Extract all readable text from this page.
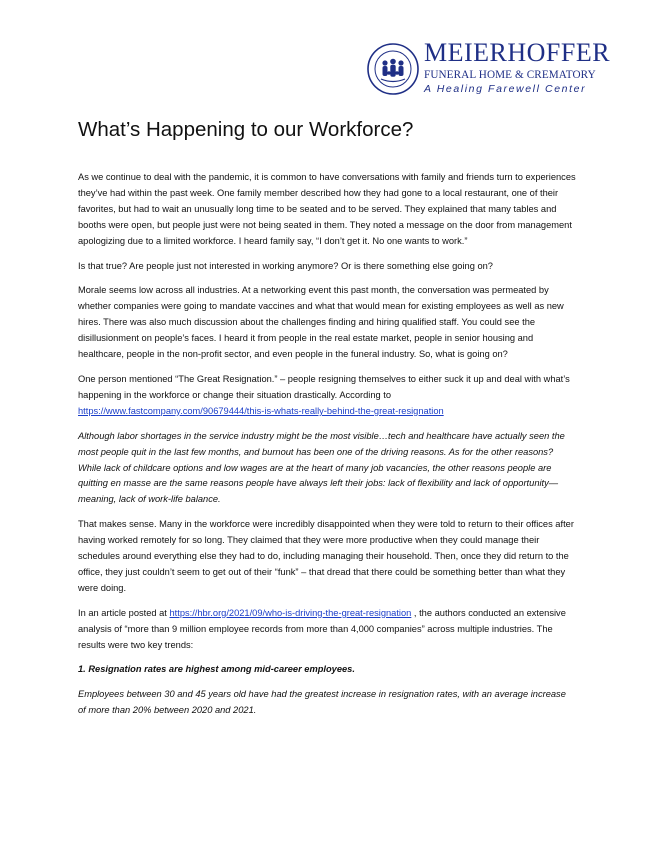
MEIERHOFFER
FUNERAL HOME & CREMATORY
A Healing Farewell Center
What’s Happening to our Workforce?

As we continue to deal with the pandemic, it is common to have conversations with family and friends turn to experiences they’ve had within the past week. One family member described how they had gone to a local restaurant, one of their favorites, but had to wait an unusually long time to be seated and to be served. They explained that many tables and booths were open, but people just were not being seated in them. They noted a message on the door from management apologizing due to a limited workforce. I heard family say, “I don’t get it. No one wants to work.”

Is that true? Are people just not interested in working anymore? Or is there something else going on?

Morale seems low across all industries. At a networking event this past month, the conversation was permeated by whether companies were going to mandate vaccines and what that would mean for existing employees as well as new hires. There was also much discussion about the challenges finding and hiring qualified staff. You could see the disillusionment on people’s faces. I heard it from people in the real estate market, people in senior housing and healthcare, people in the non-profit sector, and even people in the funeral industry. So, what is going on?

One person mentioned “The Great Resignation.” – people resigning themselves to either suck it up and deal with what’s happening in the workforce or change their situation drastically. According to https://www.fastcompany.com/90679444/this-is-whats-really-behind-the-great-resignation

Although labor shortages in the service industry might be the most visible…tech and healthcare have actually seen the most people quit in the last few months, and burnout has been one of the driving reasons. As for the other reasons? While lack of childcare options and low wages are at the heart of many job vacancies, the other reasons people are quitting en masse are the same reasons people have always left their jobs: lack of flexibility and lack of opportunity—meaning, lack of work-life balance.

That makes sense. Many in the workforce were incredibly disappointed when they were told to return to their offices after having worked remotely for so long. They claimed that they were more productive when they could manage their schedules around everything else they had to do, including managing their household. Then, once they did return to the office, they just couldn’t seem to get out of their “funk” – that dread that there could be something better than what they were doing.

In an article posted at https://hbr.org/2021/09/who-is-driving-the-great-resignation , the authors conducted an extensive analysis of “more than 9 million employee records from more than 4,000 companies” across multiple industries. The results were two key trends:

1. Resignation rates are highest among mid-career employees.

Employees between 30 and 45 years old have had the greatest increase in resignation rates, with an average increase of more than 20% between 2020 and 2021.
